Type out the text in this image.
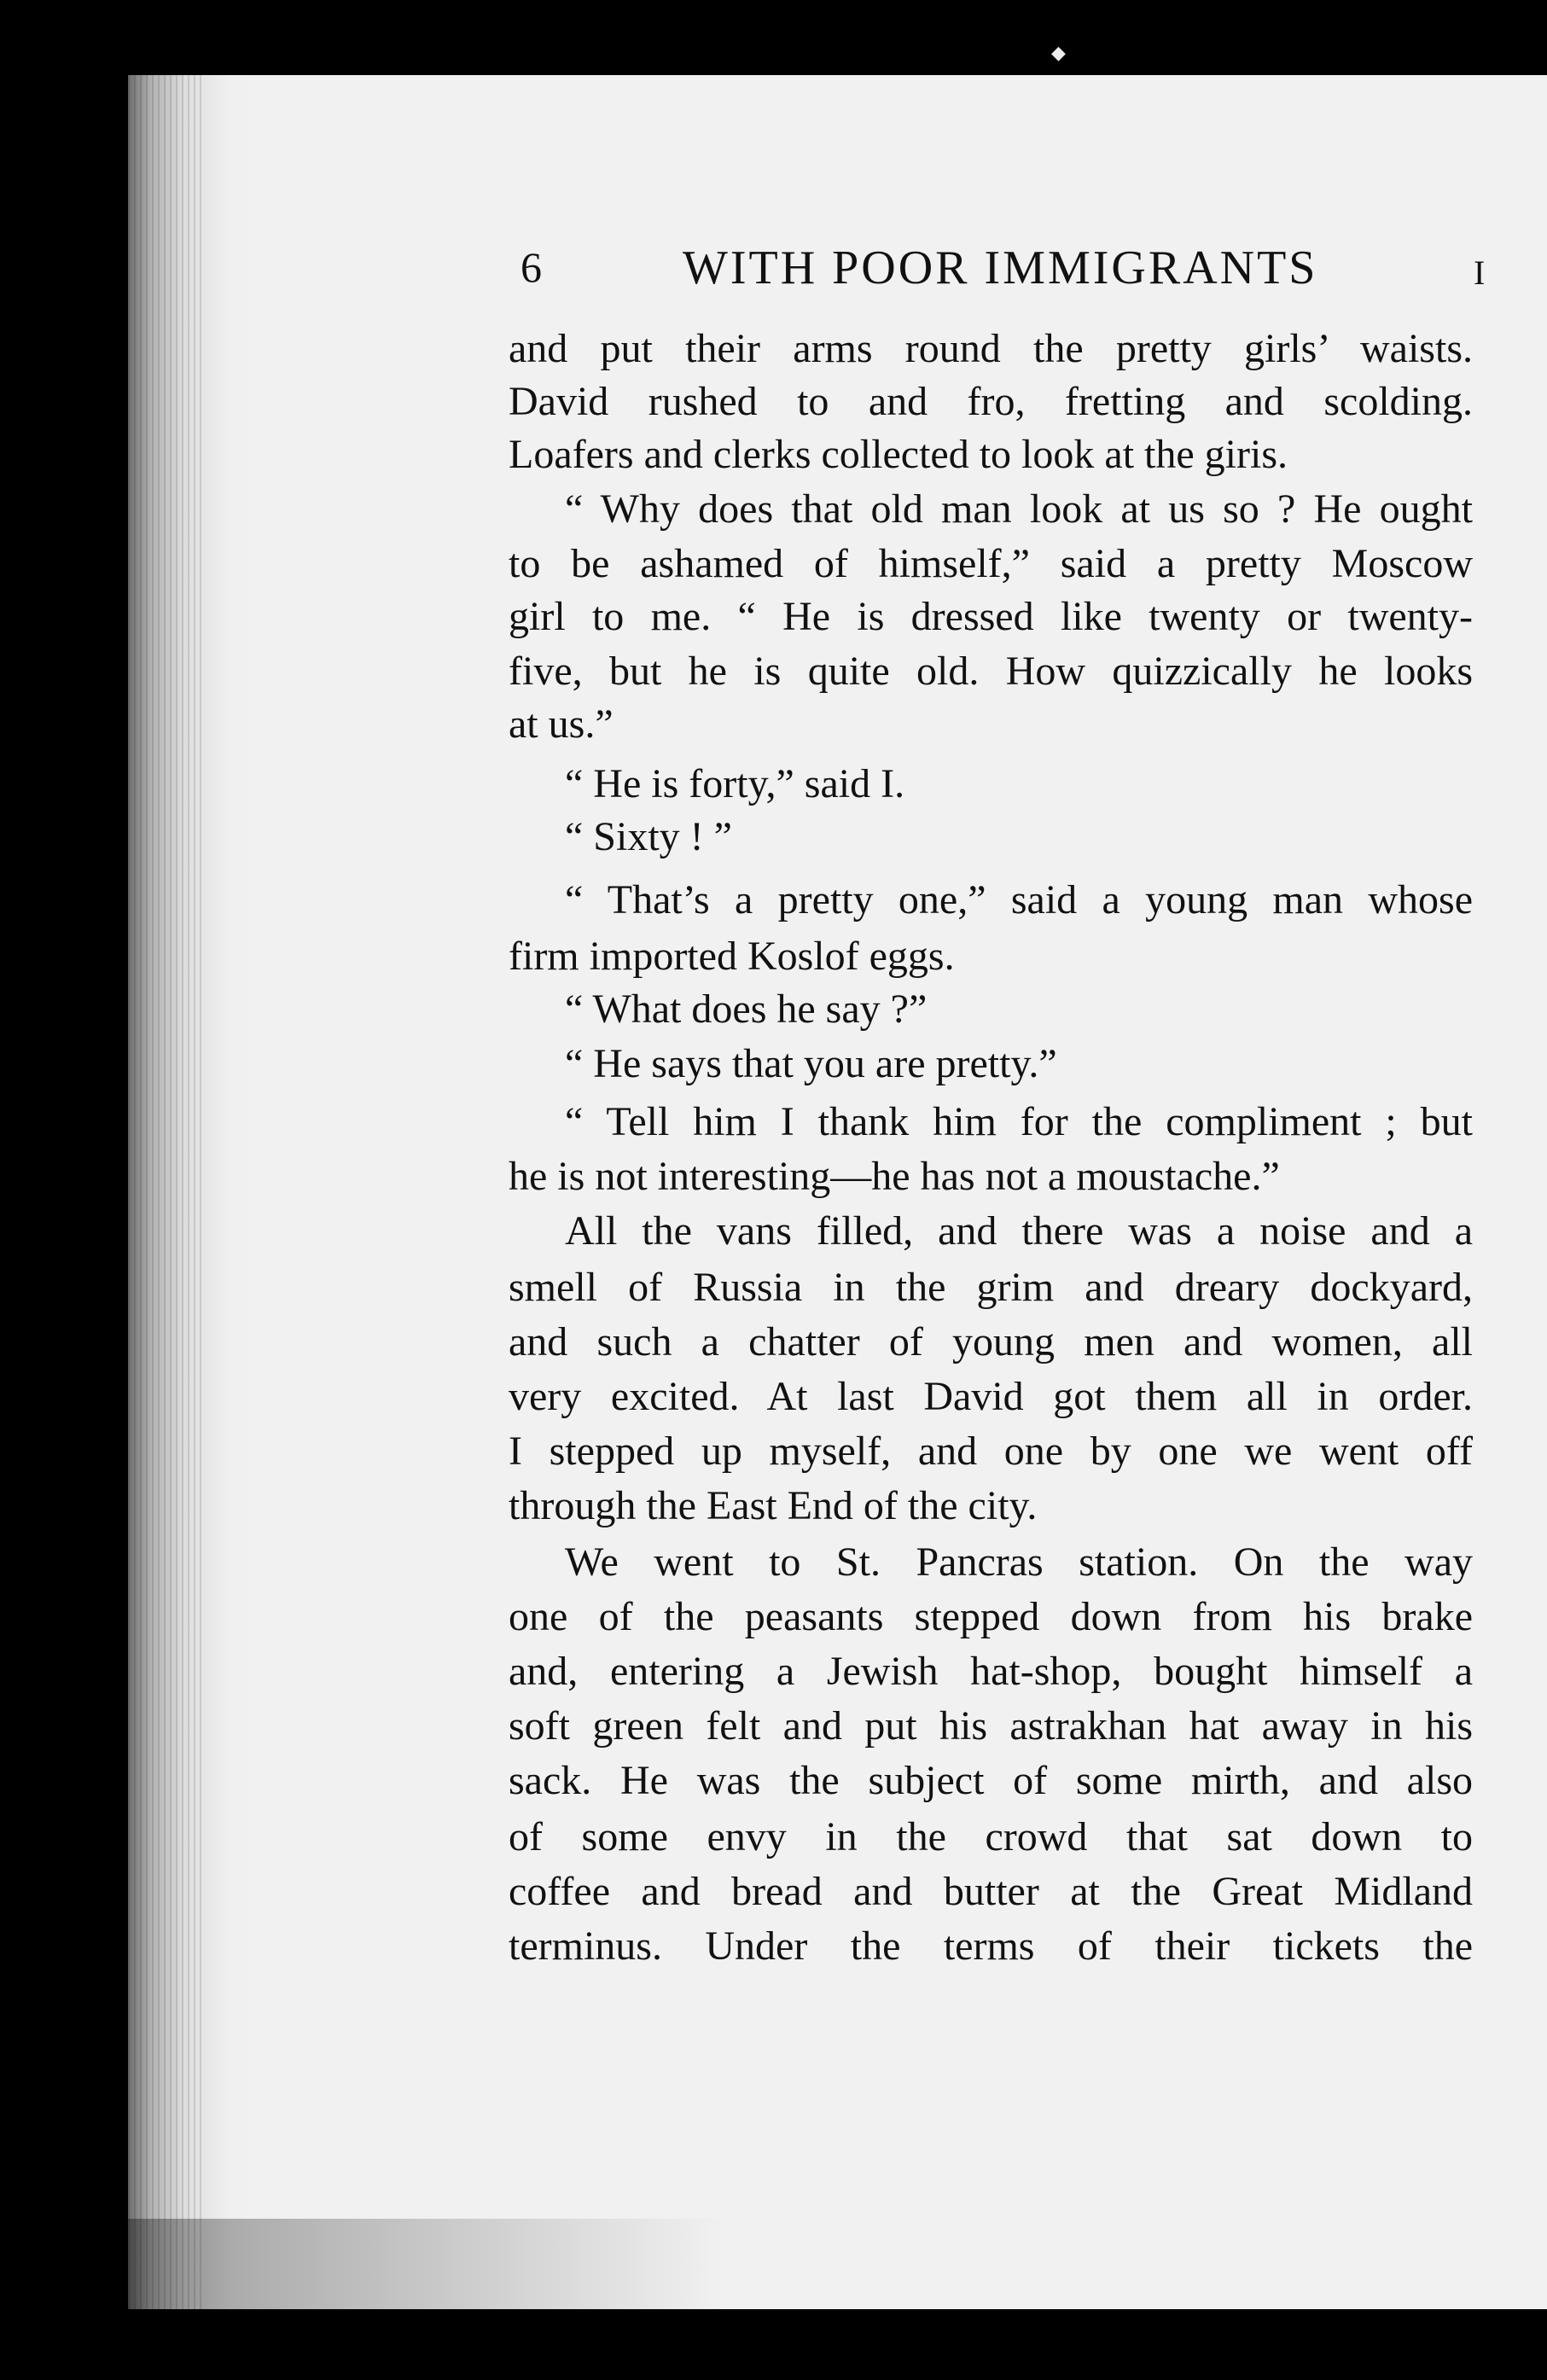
◆
6	WITH POOR IMMIGRANTS	I
and put their arms round the pretty girls’ waists.
David rushed to and fro, fretting and scolding.
Loafers and clerks collected to look at the giris.
“ Why does that old man look at us so ? He ought
to be ashamed of himself,” said a pretty Moscow
girl to me. “ He is dressed like twenty or twenty-
five, but he is quite old. How quizzically he looks
at us.”
“ He is forty,” said I.
“ Sixty ! ”
“ That’s a pretty one,” said a young man whose
firm imported Koslof eggs.
“ What does he say ?”
“ He says that you are pretty.”
“ Tell him I thank him for the compliment ; but
he is not interesting—he has not a moustache.”
All the vans filled, and there was a noise and a
smell of Russia in the grim and dreary dockyard,
and such a chatter of young men and women, all
very excited. At last David got them all in order.
I stepped up myself, and one by one we went off
through the East End of the city.
We went to St. Pancras station. On the way
one of the peasants stepped down from his brake
and, entering a Jewish hat-shop, bought himself a
soft green felt and put his astrakhan hat away in his
sack. He was the subject of some mirth, and also
of some envy in the crowd that sat down to
coffee and bread and butter at the Great Midland
terminus. Under the terms of their tickets the
